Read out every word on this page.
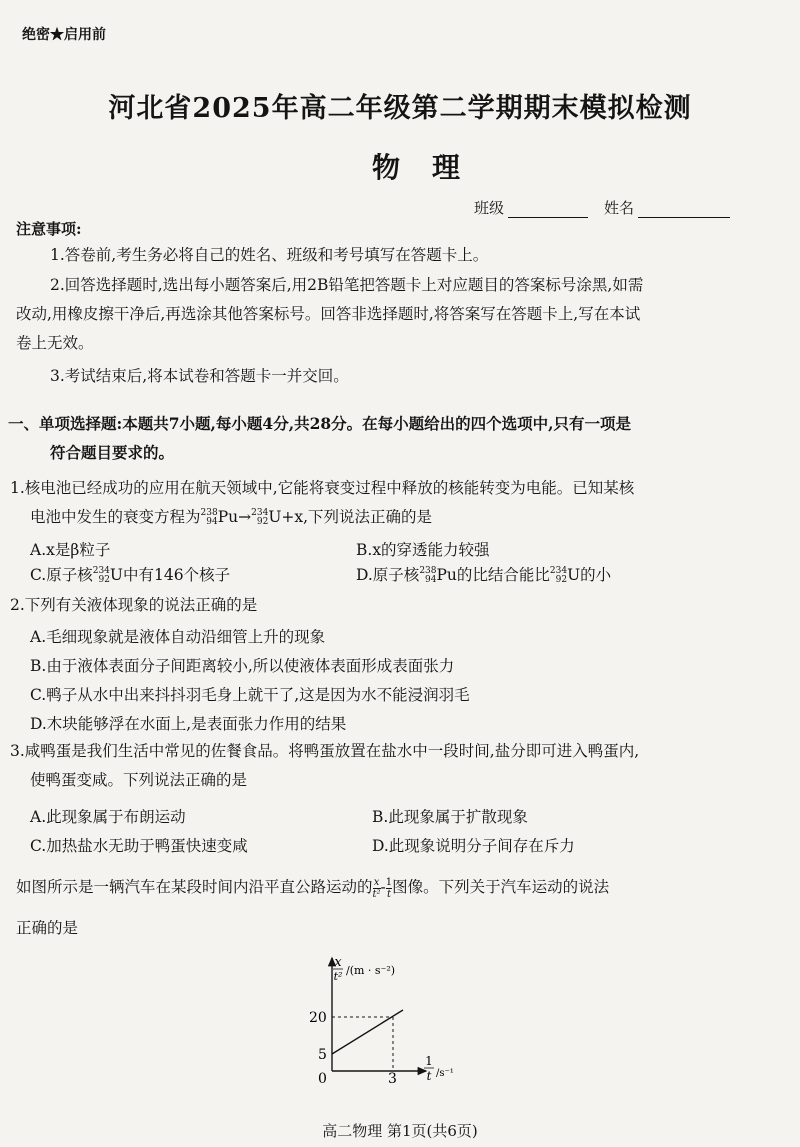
绝密★启用前
河北省2025年高二年级第二学期期末模拟检测
物理
班级	姓名
注意事项:
1.答卷前,考生务必将自己的姓名、班级和考号填写在答题卡上。
2.回答选择题时,选出每小题答案后,用2B铅笔把答题卡上对应题目的答案标号涂黑,如需
改动,用橡皮擦干净后,再选涂其他答案标号。回答非选择题时,将答案写在答题卡上,写在本试
卷上无效。
3.考试结束后,将本试卷和答题卡一并交回。
一、单项选择题:本题共7小题,每小题4分,共28分。在每小题给出的四个选项中,只有一项是
符合题目要求的。
1.核电池已经成功的应用在航天领域中,它能将衰变过程中释放的核能转变为电能。已知某核
电池中发生的衰变方程为 238
94 Pu→ 234
92 U+x,下列说法正确的是
A.x是β粒子	B.x的穿透能力较强
C.原子核 234
92 U中有146个核子	D.原子核 238
94 Pu的比结合能比 234
92 U的小
2.下列有关液体现象的说法正确的是
A.毛细现象就是液体自动沿细管上升的现象
B.由于液体表面分子间距离较小,所以使液体表面形成表面张力
C.鸭子从水中出来抖抖羽毛身上就干了,这是因为水不能浸润羽毛
D.木块能够浮在水面上,是表面张力作用的结果
3.咸鸭蛋是我们生活中常见的佐餐食品。将鸭蛋放置在盐水中一段时间,盐分即可进入鸭蛋内,
使鸭蛋变咸。下列说法正确的是
A.此现象属于布朗运动	B.此现象属于扩散现象
C.加热盐水无助于鸭蛋快速变咸	D.此现象说明分子间存在斥力
如图所示是一辆汽车在某段时间内沿平直公路运动的 $\frac{x}{\text{t²}} - \frac{1}{t}$ 图像。下列关于汽车运动的说法
正确的是
x
t² /(m · s⁻²)
1
t /s⁻¹
0
20
5
3
高二物理 第1页(共6页)
